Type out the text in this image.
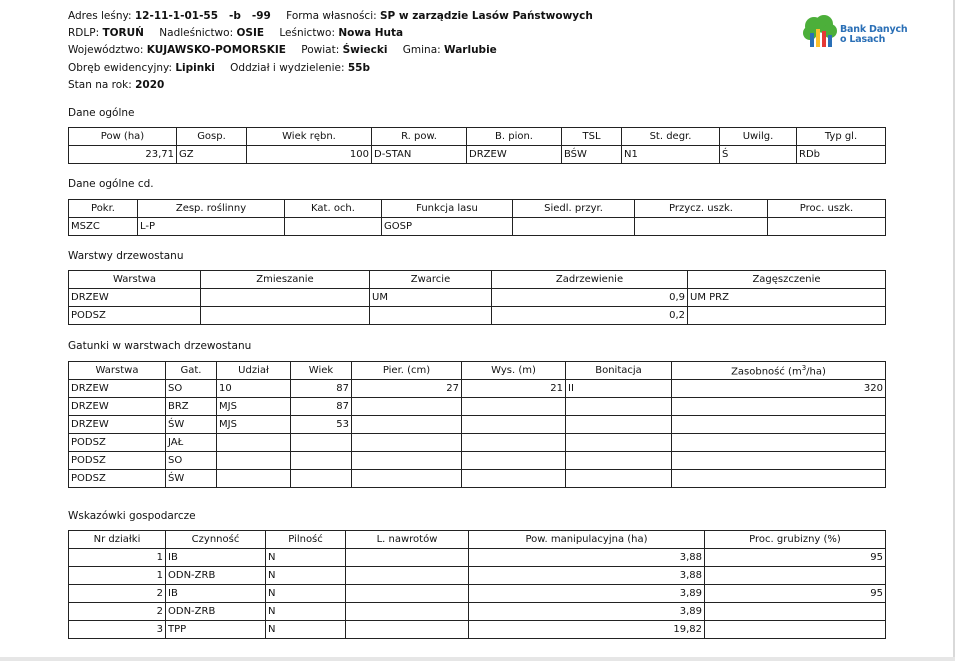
Adres leśny: 12-11-1-01-55   -b   -99 Forma własności: SP w zarządzie Lasów Państwowych
RDLP: TORUŃ Nadleśnictwo: OSIE Leśnictwo: Nowa Huta
Województwo: KUJAWSKO-POMORSKIE Powiat: Świecki Gmina: Warlubie
Obręb ewidencyjny: Lipinki Oddział i wydzielenie: 55b
Stan na rok: 2020
Bank Danych
o Lasach
Dane ogólne
Pow (ha)	Gosp.	Wiek rębn.	R. pow.	B. pion.	TSL	St. degr.	Uwilg.	Typ gl.
23,71	GZ	100	D-STAN	DRZEW	BŚW	N1	Ś	RDb
Dane ogólne cd.
Pokr.	Zesp. roślinny	Kat. och.	Funkcja lasu	Siedl. przyr.	Przycz. uszk.	Proc. uszk.
MSZC	L-P		GOSP			
Warstwy drzewostanu
Warstwa	Zmieszanie	Zwarcie	Zadrzewienie	Zagęszczenie
DRZEW		UM	0,9	UM PRZ
PODSZ			0,2	
Gatunki w warstwach drzewostanu
Warstwa	Gat.	Udział	Wiek	Pier. (cm)	Wys. (m)	Bonitacja	Zasobność $(m^3/ha)$
DRZEW	SO	10	87	27	21	II	320
DRZEW	BRZ	MJS	87				
DRZEW	ŚW	MJS	53				
PODSZ	JAŁ						
PODSZ	SO						
PODSZ	ŚW						
Wskazówki gospodarcze
Nr działki	Czynność	Pilność	L. nawrotów	Pow. manipulacyjna (ha)	Proc. grubizny (%)
1	IB	N		3,88	95
1	ODN-ZRB	N		3,88	
2	IB	N		3,89	95
2	ODN-ZRB	N		3,89	
3	TPP	N		19,82	
